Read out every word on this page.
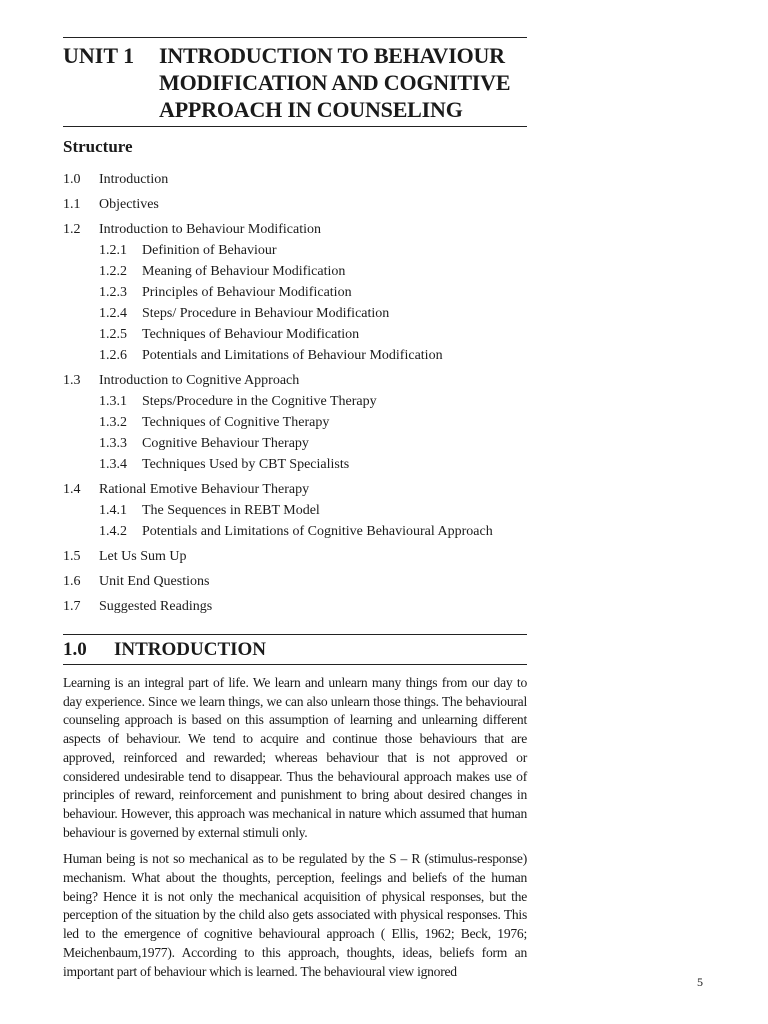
UNIT 1	INTRODUCTION TO BEHAVIOUR
MODIFICATION AND COGNITIVE
APPROACH IN COUNSELING
Structure
1.0	Introduction
1.1	Objectives
1.2	Introduction to Behaviour Modification
1.2.1	Definition of Behaviour
1.2.2	Meaning of Behaviour Modification
1.2.3	Principles of Behaviour Modification
1.2.4	Steps/ Procedure in Behaviour Modification
1.2.5	Techniques of Behaviour Modification
1.2.6	Potentials and Limitations of Behaviour Modification
1.3	Introduction to Cognitive Approach
1.3.1	Steps/Procedure in the Cognitive Therapy
1.3.2	Techniques of Cognitive Therapy
1.3.3	Cognitive Behaviour Therapy
1.3.4	Techniques Used by CBT Specialists
1.4	Rational Emotive Behaviour Therapy
1.4.1	The Sequences in REBT Model
1.4.2	Potentials and Limitations of Cognitive Behavioural Approach
1.5	Let Us Sum Up
1.6	Unit End Questions
1.7	Suggested Readings
1.0	INTRODUCTION

Learning is an integral part of life. We learn and unlearn many things from our day to day experience. Since we learn things, we can also unlearn those things. The behavioural counseling approach is based on this assumption of learning and unlearning different aspects of behaviour. We tend to acquire and continue those behaviours that are approved, reinforced and rewarded; whereas behaviour that is not approved or considered undesirable tend to disappear. Thus the behavioural approach makes use of principles of reward, reinforcement and punishment to bring about desired changes in behaviour. However, this approach was mechanical in nature which assumed that human behaviour is governed by external stimuli only.

Human being is not so mechanical as to be regulated by the S – R (stimulus-response) mechanism. What about the thoughts, perception, feelings and beliefs of the human being? Hence it is not only the mechanical acquisition of physical responses, but the perception of the situation by the child also gets associated with physical responses. This led to the emergence of cognitive behavioural approach ( Ellis, 1962; Beck, 1976; Meichenbaum,1977). According to this approach, thoughts, ideas, beliefs form an important part of behaviour which is learned. The behavioural view ignored

5
